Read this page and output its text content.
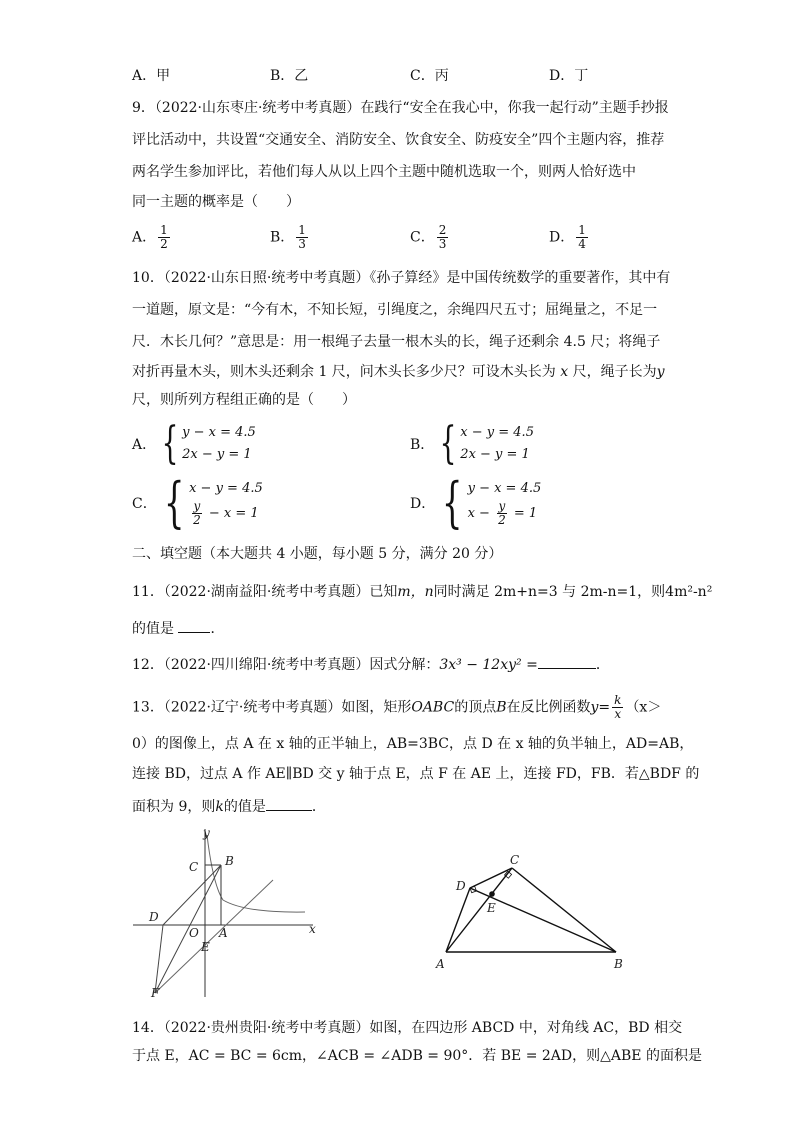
A．甲	B．乙	C．丙	D．丁
9．（2022·山东枣庄·统考中考真题）在践行“安全在我心中，你我一起行动”主题手抄报
评比活动中，共设置“交通安全、消防安全、饮食安全、防疫安全”四个主题内容，推荐
两名学生参加评比，若他们每人从以上四个主题中随机选取一个，则两人恰好选中
同一主题的概率是（　　）
A． $\frac{1}{2}$	B． $\frac{1}{3}$	C． $\frac{2}{3}$	D． $\frac{1}{4}$
10．（2022·山东日照·统考中考真题）《孙子算经》是中国传统数学的重要著作，其中有
一道题，原文是：“今有木，不知长短，引绳度之，余绳四尺五寸；屈绳量之，不足一
尺．木长几何？”意思是：用一根绳子去量一根木头的长，绳子还剩余 4.5 尺；将绳子
对折再量木头，则木头还剩余 1 尺，问木头长多少尺？可设木头长为 x 尺，绳子长为y
尺，则所列方程组正确的是（　　）
A． { y − x = 4.5
2x − y = 1
B． { x − y = 4.5
2x − y = 1
C． { x − y = 4.5
$\frac{y}{2} - x = 1$
D． { y − x = 4.5
$x - \frac{y}{2} = 1$
二、填空题（本大题共 4 小题，每小题 5 分，满分 20 分）
11．（2022·湖南益阳·统考中考真题）已知m，n同时满足 2m+n=3 与 2m-n=1，则4m²-n²
的值是	．
12．（2022·四川绵阳·统考中考真题）因式分解：3x³ − 12xy² =	．
13．（2022·辽宁·统考中考真题）如图，矩形OABC的顶点B在反比例函数$y= \frac{k}{x} (x>$
0）的图像上，点 A 在 x 轴的正半轴上，AB=3BC，点 D 在 x 轴的负半轴上，AD=AB，
连接 BD，过点 A 作 AE∥BD 交 y 轴于点 E，点 F 在 AE 上，连接 FD，FB．若△BDF 的
面积为 9，则k的值是	．
y
x
C B
D
O A
E
F
C
D
E
A	B
14．（2022·贵州贵阳·统考中考真题）如图，在四边形 ABCD 中，对角线 AC，BD 相交
于点 E，AC = BC = 6cm，∠ACB = ∠ADB = 90°．若 BE = 2AD，则△ABE 的面积是
